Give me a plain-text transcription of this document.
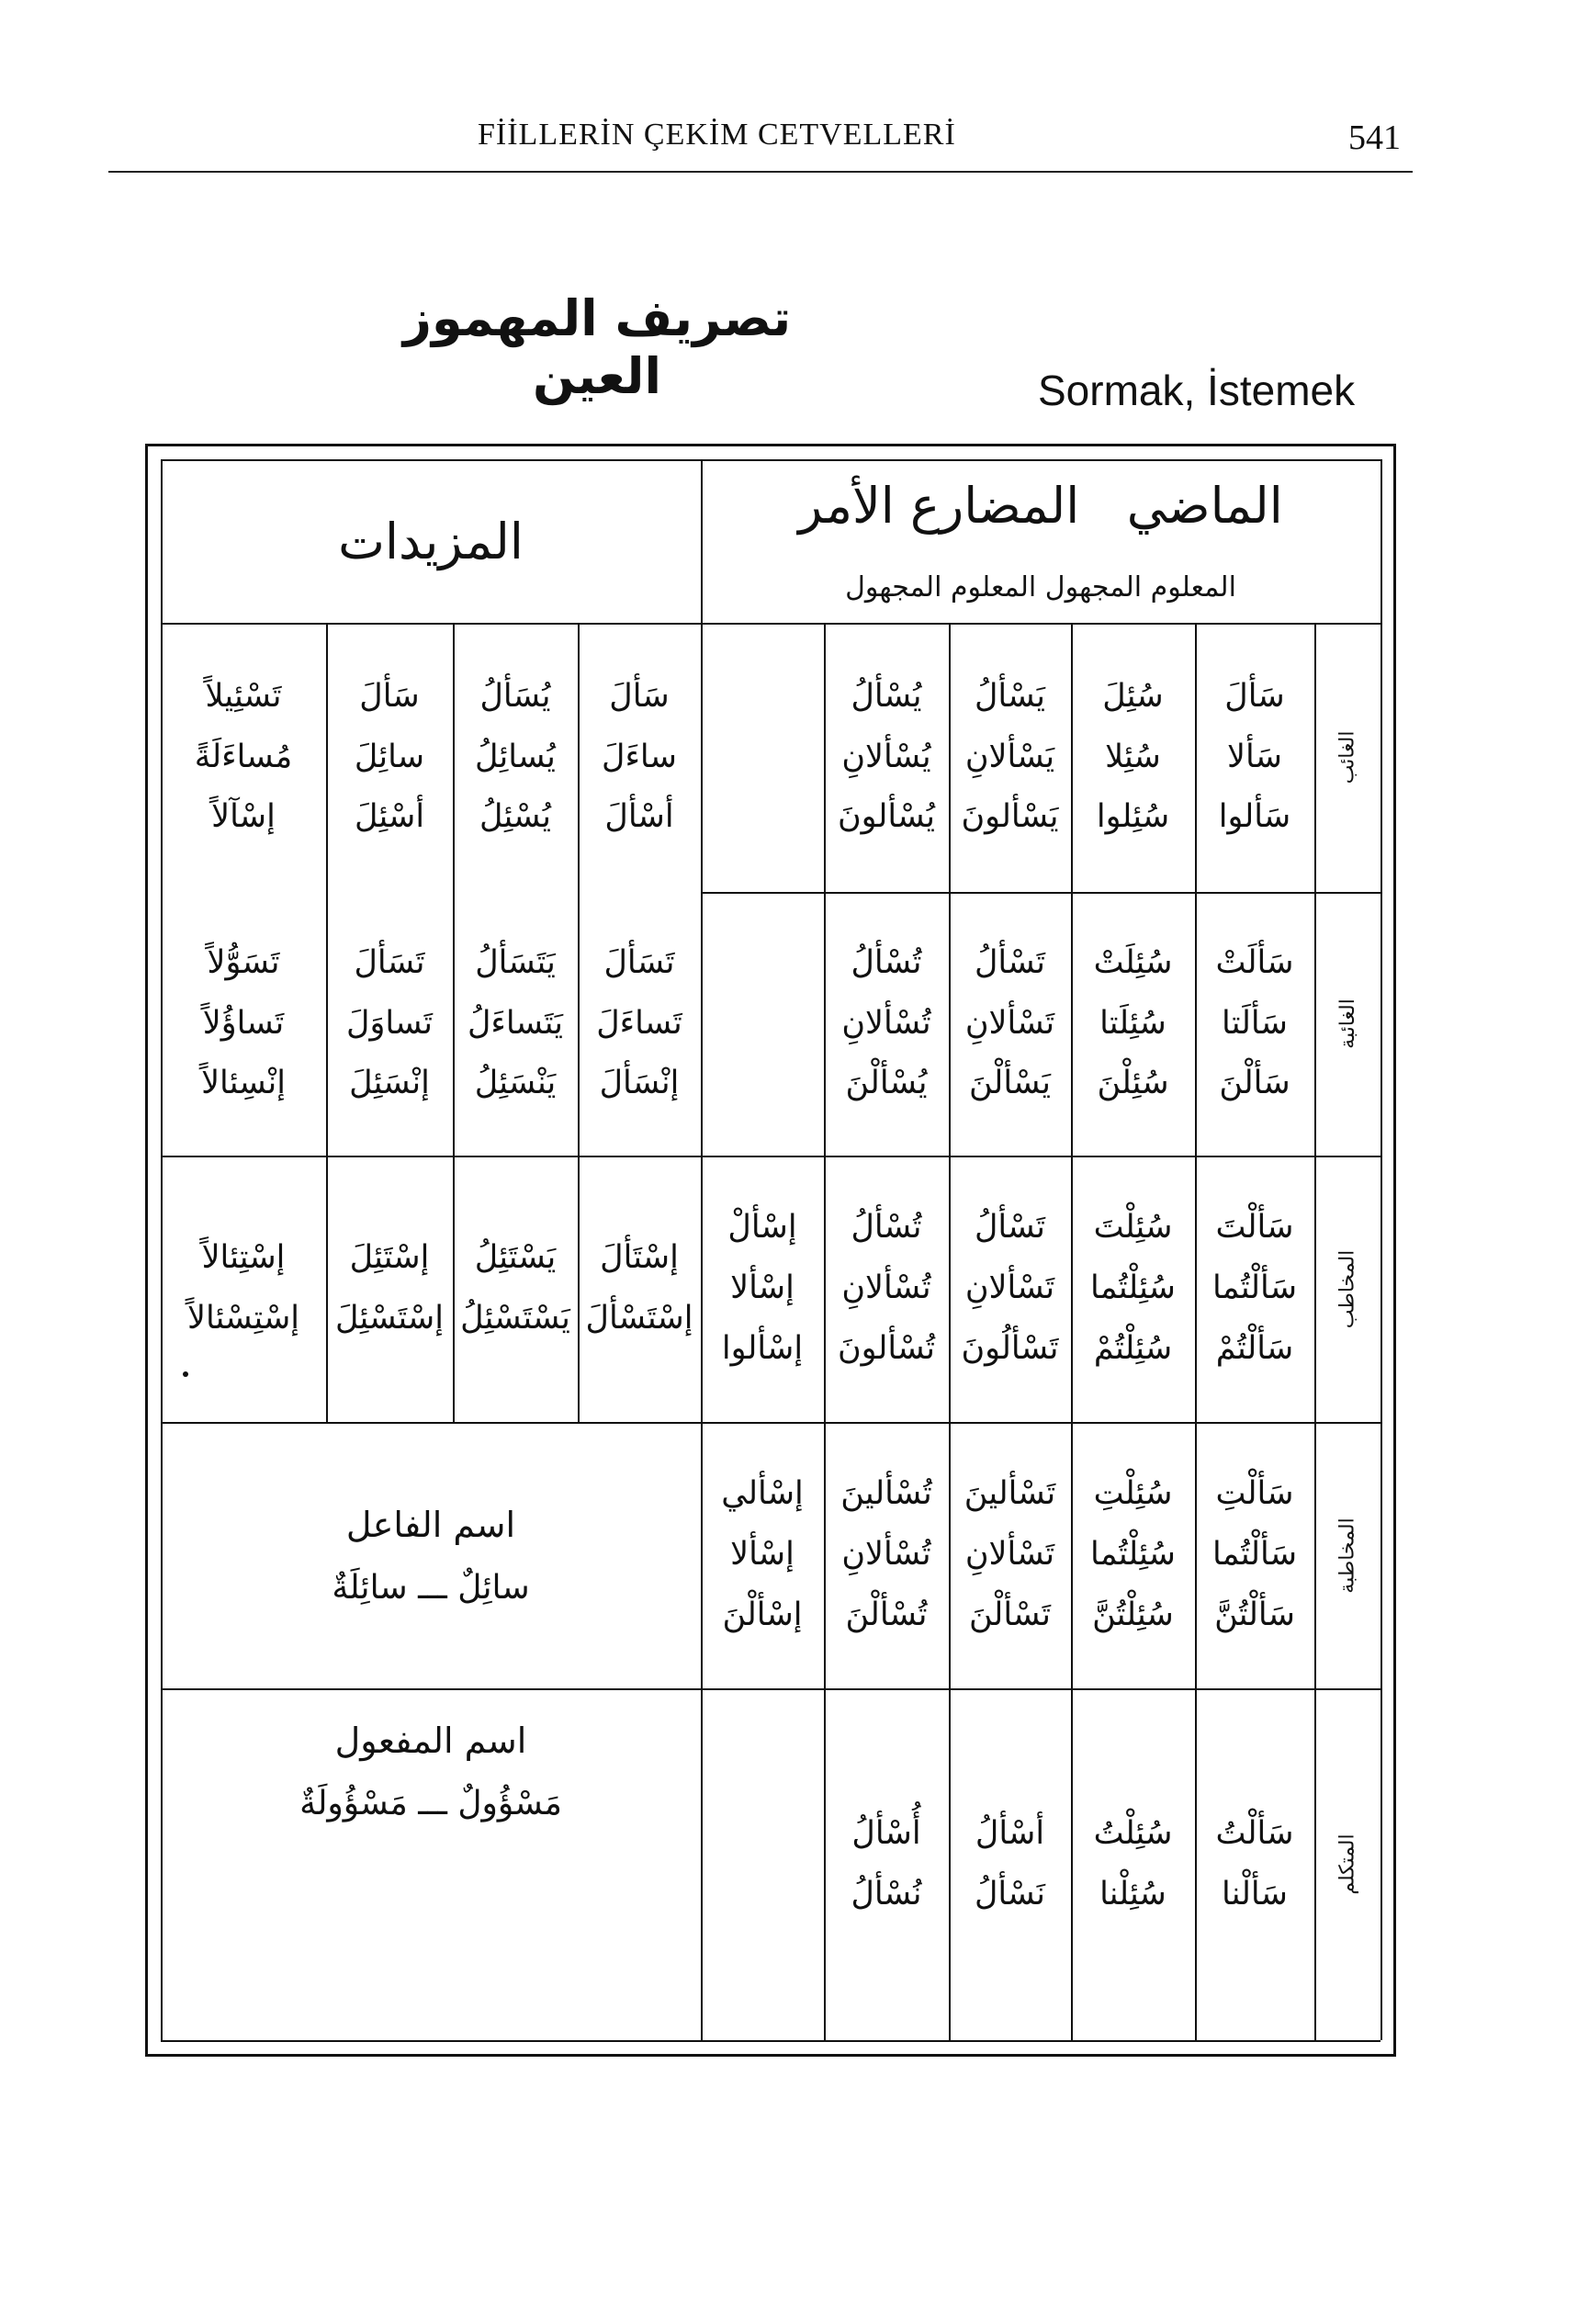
FİİLLERİN ÇEKİM CETVELLERİ	541
تصريف المهموز العين	Sormak, İstemek
المزيدات
الماضي   المضارع الأمر
المعلوم المجهول المعلوم المجهول
الغائب
الغائبة
المخاطب
المخاطبة
المتكلم
سَألَ
سَألا
سَألوا
سُئِلَ
سُئِلا
سُئِلوا
يَسْألُ
يَسْألانِ
يَسْألونَ
يُسْألُ
يُسْألانِ
يُسْألونَ
سَألَتْ
سَألَتا
سَألْنَ
سُئِلَتْ
سُئِلَتا
سُئِلْنَ
تَسْألُ
تَسْألانِ
يَسْألْنَ
تُسْألُ
تُسْألانِ
يُسْألْنَ
سَألْتَ
سَألْتُما
سَألْتُمْ
سُئِلْتَ
سُئِلْتُما
سُئِلْتُمْ
تَسْألُ
تَسْألانِ
تَسْألُونَ
تُسْألُ
تُسْألانِ
تُسْألونَ
إسْألْ
إسْألا
إسْألوا
سَألْتِ
سَألْتُما
سَألْتُنَّ
سُئِلْتِ
سُئِلْتُما
سُئِلْتُنَّ
تَسْألينَ
تَسْألانِ
تَسْألْنَ
تُسْألينَ
تُسْألانِ
تُسْألْنَ
إسْألي
إسْألا
إسْألْنَ
سَألْتُ
سَألْنا
سُئِلْتُ
سُئِلْنا
أسْألُ
نَسْألُ
أُسْألُ
نُسْألُ
سَألَ
ساءَلَ
أسْألَ
يُسَألُ
يُسائِلُ
يُسْئِلُ
سَألَ
سائِلَ
أسْئِلَ
تَسْئِيلاً
مُساءَلَةً
إسْآلاً
تَسَألَ
تَساءَلَ
إنْسَألَ
يَتَسَألُ
يَتَساءَلُ
يَنْسَئِلُ
تَسَألَ
تَساوَلَ
إنْسَئِلَ
تَسَوُّلاً
تَساؤُلاً
إنْسِئالاً
إسْتَألَ
إسْتَسْألَ
يَسْتَئِلُ
يَسْتَسْئِلُ
إسْتَئِلَ
إسْتَسْئِلَ
إسْتِئالاً
إسْتِسْئالاً
اسم الفاعل
سائِلٌ ـــ سائِلَةٌ
اسم المفعول
مَسْؤُولٌ ـــ مَسْؤُولَةٌ
